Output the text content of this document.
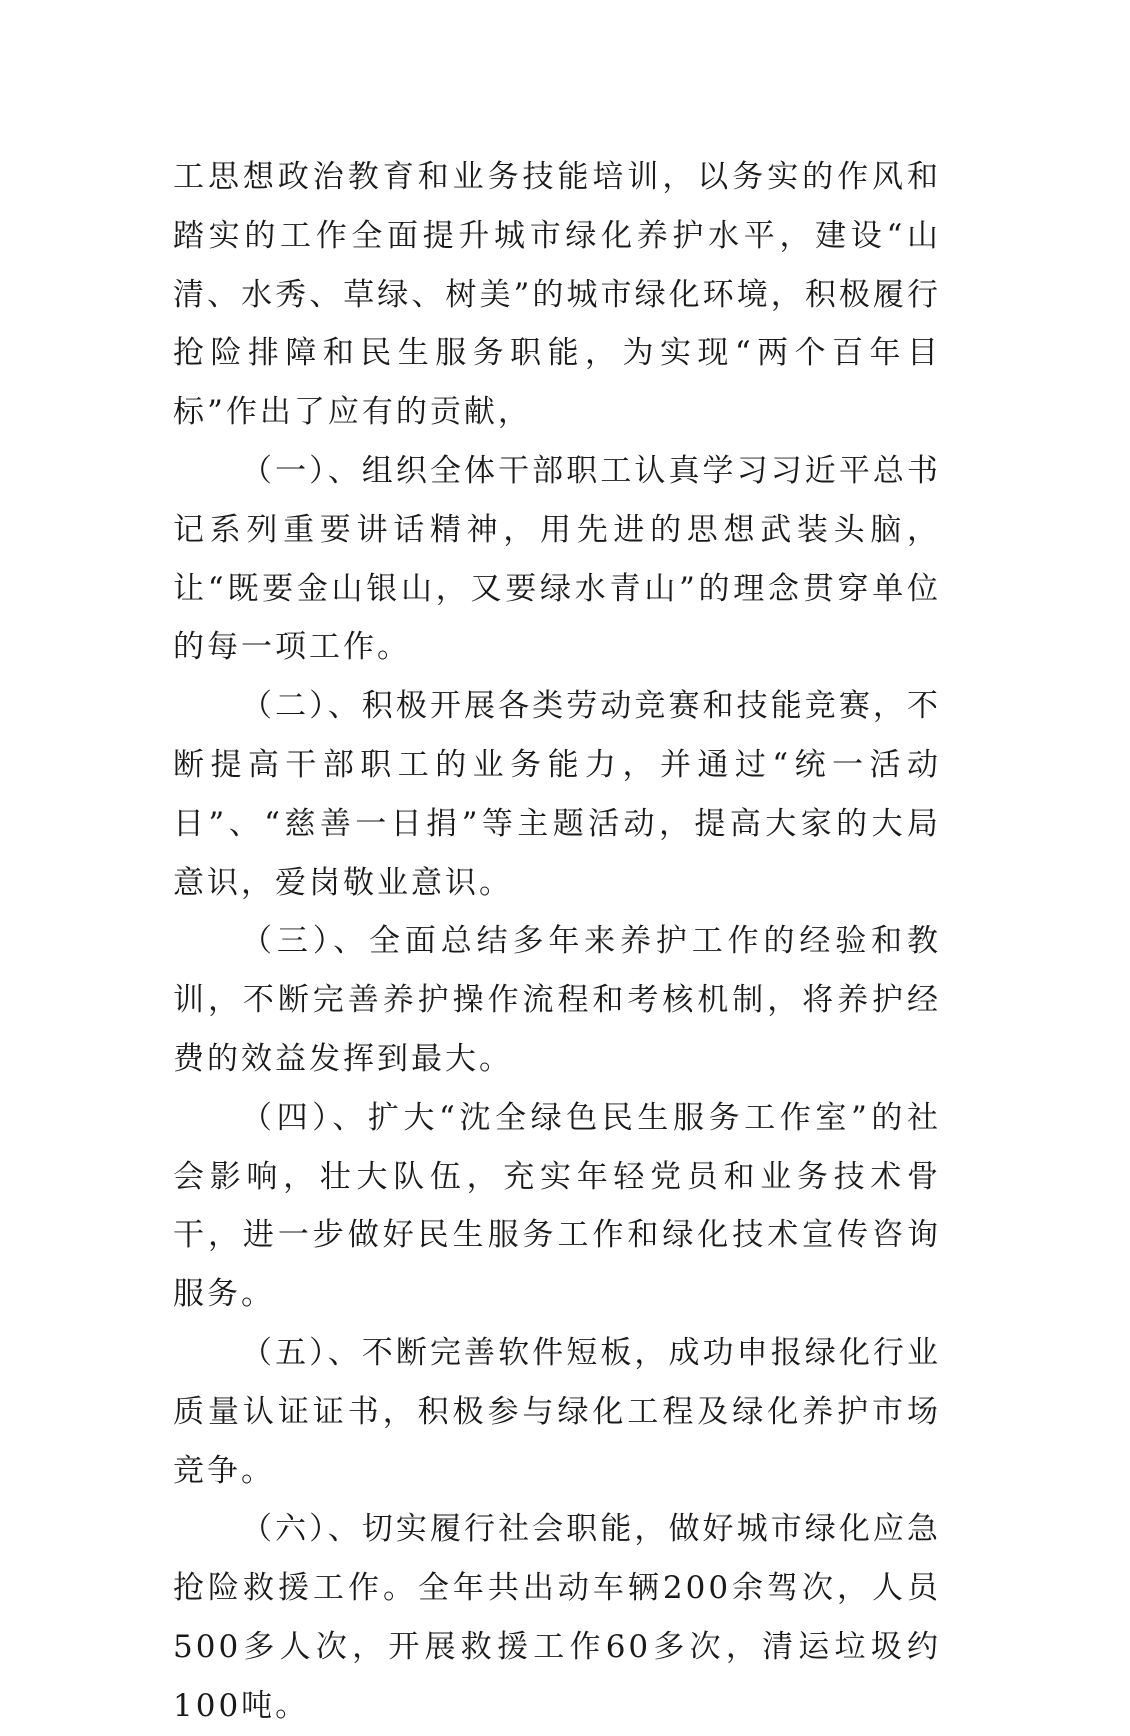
工思想政治教育和业务技能培训，以务实的作风和踏实的工作全面提升城市绿化养护水平，建设“山清、水秀、草绿、树美”的城市绿化环境，积极履行抢险排障和民生服务职能，为实现“两个百年目标”作出了应有的贡献，

（一）、组织全体干部职工认真学习习近平总书记系列重要讲话精神，用先进的思想武装头脑，让“既要金山银山，又要绿水青山”的理念贯穿单位的每一项工作。

（二）、积极开展各类劳动竞赛和技能竞赛，不断提高干部职工的业务能力，并通过“统一活动日”、“慈善一日捐”等主题活动，提高大家的大局意识，爱岗敬业意识。

（三）、全面总结多年来养护工作的经验和教训，不断完善养护操作流程和考核机制，将养护经费的效益发挥到最大。

（四）、扩大“沈全绿色民生服务工作室”的社会影响，壮大队伍，充实年轻党员和业务技术骨干，进一步做好民生服务工作和绿化技术宣传咨询服务。

（五）、不断完善软件短板，成功申报绿化行业质量认证证书，积极参与绿化工程及绿化养护市场竞争。

（六）、切实履行社会职能，做好城市绿化应急抢险救援工作。全年共出动车辆200余驾次，人员500多人次，开展救援工作60多次，清运垃圾约100吨。
